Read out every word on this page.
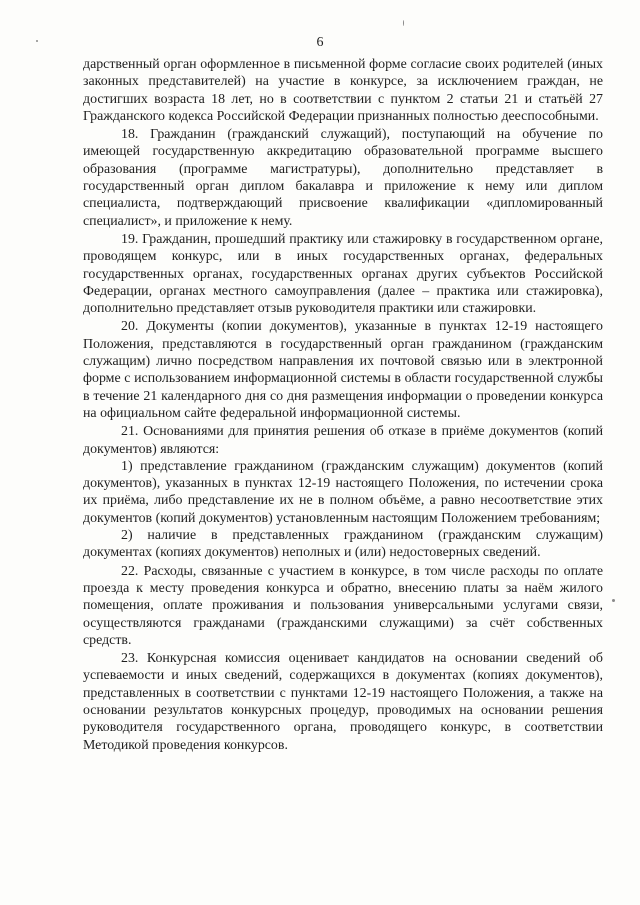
6

дарственный орган оформленное в письменной форме согласие своих родителей (иных законных представителей) на участие в конкурсе, за исключением граждан, не достигших возраста 18 лет, но в соответствии с пунктом 2 статьи 21 и статьёй 27 Гражданского кодекса Российской Федерации признанных полностью дееспособными.

18. Гражданин (гражданский служащий), поступающий на обучение по имеющей государственную аккредитацию образовательной программе высшего образования (программе магистратуры), дополнительно представляет в государственный орган диплом бакалавра и приложение к нему или диплом специалиста, подтверждающий присвоение квалификации «дипломированный специалист», и приложение к нему.

19. Гражданин, прошедший практику или стажировку в государственном органе, проводящем конкурс, или в иных государственных органах, федеральных государственных органах, государственных органах других субъектов Российской Федерации, органах местного самоуправления (далее – практика или стажировка), дополнительно представляет отзыв руководителя практики или стажировки.

20. Документы (копии документов), указанные в пунктах 12-19 настоящего Положения, представляются в государственный орган гражданином (гражданским служащим) лично посредством направления их почтовой связью или в электронной форме с использованием информационной системы в области государственной службы в течение 21 календарного дня со дня размещения информации о проведении конкурса на официальном сайте федеральной информационной системы.

21. Основаниями для принятия решения об отказе в приёме документов (копий документов) являются:

1) представление гражданином (гражданским служащим) документов (копий документов), указанных в пунктах 12-19 настоящего Положения, по истечении срока их приёма, либо представление их не в полном объёме, а равно несоответствие этих документов (копий документов) установленным настоящим Положением требованиям;

2) наличие в представленных гражданином (гражданским служащим) документах (копиях документов) неполных и (или) недостоверных сведений.

22. Расходы, связанные с участием в конкурсе, в том числе расходы по оплате проезда к месту проведения конкурса и обратно, внесению платы за наём жилого помещения, оплате проживания и пользования универсальными услугами связи, осуществляются гражданами (гражданскими служащими) за счёт собственных средств.

23. Конкурсная комиссия оценивает кандидатов на основании сведений об успеваемости и иных сведений, содержащихся в документах (копиях документов), представленных в соответствии с пунктами 12-19 настоящего Положения, а также на основании результатов конкурсных процедур, проводимых на основании решения руководителя государственного органа, проводящего конкурс, в соответствии Методикой проведения конкурсов.
